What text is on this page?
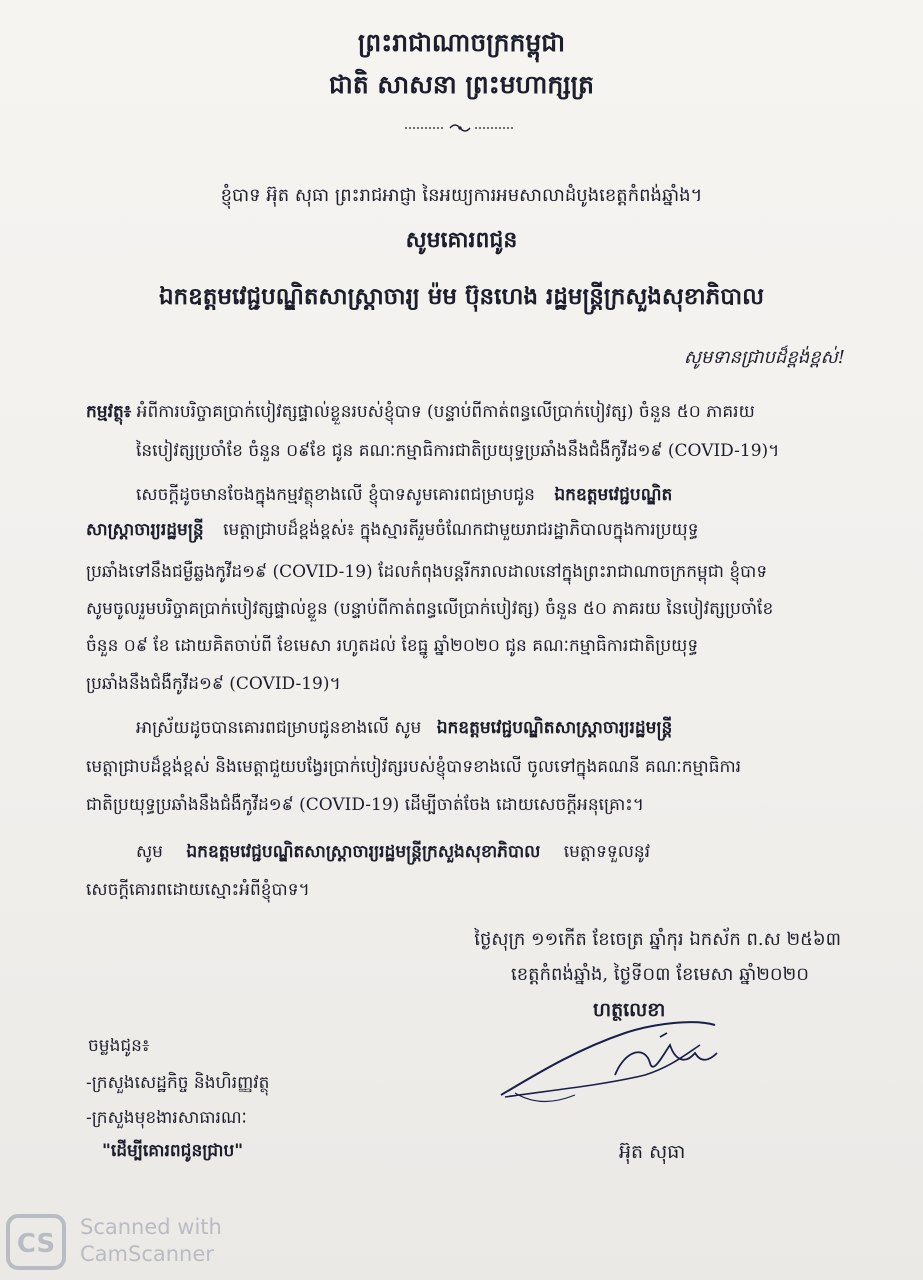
ព្រះរាជាណាចក្រកម្ពុជា
ជាតិ សាសនា ព្រះមហាក្សត្រ
ខ្ញុំបាទ អ៊ុត សុធា ព្រះរាជអាជ្ញា នៃអយ្យការអមសាលាដំបូងខេត្តកំពង់ឆ្នាំង។
សូមគោរពជូន
ឯកឧត្តមវេជ្ជបណ្ឌិតសាស្ត្រាចារ្យ ម៉ម ប៊ុនហេង រដ្ឋមន្ត្រីក្រសួងសុខាភិបាល
សូមទានជ្រាបដ៏ខ្ពង់ខ្ពស់!
កម្មវត្ថុ៖ អំពីការបរិច្ចាគប្រាក់បៀវត្សផ្ទាល់ខ្លួនរបស់ខ្ញុំបាទ (បន្ទាប់ពីកាត់ពន្ធលើប្រាក់បៀវត្ស) ចំនួន ៥០ ភាគរយ
នៃបៀវត្សប្រចាំខែ ចំនួន ០៩ខែ ជូន គណៈកម្មាធិការជាតិប្រយុទ្ធប្រឆាំងនឹងជំងឺកូវីដ១៩ (COVID-19)។
សេចក្តីដូចមានចែងក្នុងកម្មវត្ថុខាងលើ ខ្ញុំបាទសូមគោរពជម្រាបជូន ឯកឧត្តមវេជ្ជបណ្ឌិត
សាស្ត្រាចារ្យរដ្ឋមន្ត្រី មេត្តាជ្រាបដ៏ខ្ពង់ខ្ពស់៖ ក្នុងស្មារតីរួមចំណែកជាមួយរាជរដ្ឋាភិបាលក្នុងការប្រយុទ្ធ
ប្រឆាំងទៅនឹងជម្ងឺឆ្លងកូវីដ១៩ (COVID-19) ដែលកំពុងបន្តរីករាលដាលនៅក្នុងព្រះរាជាណាចក្រកម្ពុជា ខ្ញុំបាទ
សូមចូលរួមបរិច្ចាគប្រាក់បៀវត្សផ្ទាល់ខ្លួន (បន្ទាប់ពីកាត់ពន្ធលើប្រាក់បៀវត្ស) ចំនួន ៥០ ភាគរយ នៃបៀវត្សប្រចាំខែ
ចំនួន ០៩ ខែ ដោយគិតចាប់ពី ខែមេសា រហូតដល់ ខែធ្នូ ឆ្នាំ២០២០ ជូន គណៈកម្មាធិការជាតិប្រយុទ្ធ
ប្រឆាំងនឹងជំងឺកូវីដ១៩ (COVID-19)។
អាស្រ័យដូចបានគោរពជម្រាបជូនខាងលើ សូម ឯកឧត្តមវេជ្ជបណ្ឌិតសាស្ត្រាចារ្យរដ្ឋមន្ត្រី
មេត្តាជ្រាបដ៏ខ្ពង់ខ្ពស់ និងមេត្តាជួយបង្វែរប្រាក់បៀវត្សរបស់ខ្ញុំបាទខាងលើ ចូលទៅក្នុងគណនី គណៈកម្មាធិការ
ជាតិប្រយុទ្ធប្រឆាំងនឹងជំងឺកូវីដ១៩ (COVID-19) ដើម្បីចាត់ចែង ដោយសេចក្តីអនុគ្រោះ។
សូម ឯកឧត្តមវេជ្ជបណ្ឌិតសាស្ត្រាចារ្យរដ្ឋមន្ត្រីក្រសួងសុខាភិបាល មេត្តាទទួលនូវ
សេចក្តីគោរពដោយស្មោះអំពីខ្ញុំបាទ។
ថ្ងៃសុក្រ ១១កើត ខែចេត្រ ឆ្នាំកុរ ឯកស័ក ព.ស ២៥៦៣
ខេត្តកំពង់ឆ្នាំង, ថ្ងៃទី០៣ ខែមេសា ឆ្នាំ២០២០
ហត្ថលេខា
អ៊ុត សុធា
ចម្លងជូន៖
-ក្រសួងសេដ្ឋកិច្ច និងហិរញ្ញវត្ថុ
-ក្រសួងមុខងារសាធារណៈ
"ដើម្បីគោរពជូនជ្រាប"
CS
Scanned with
CamScanner
